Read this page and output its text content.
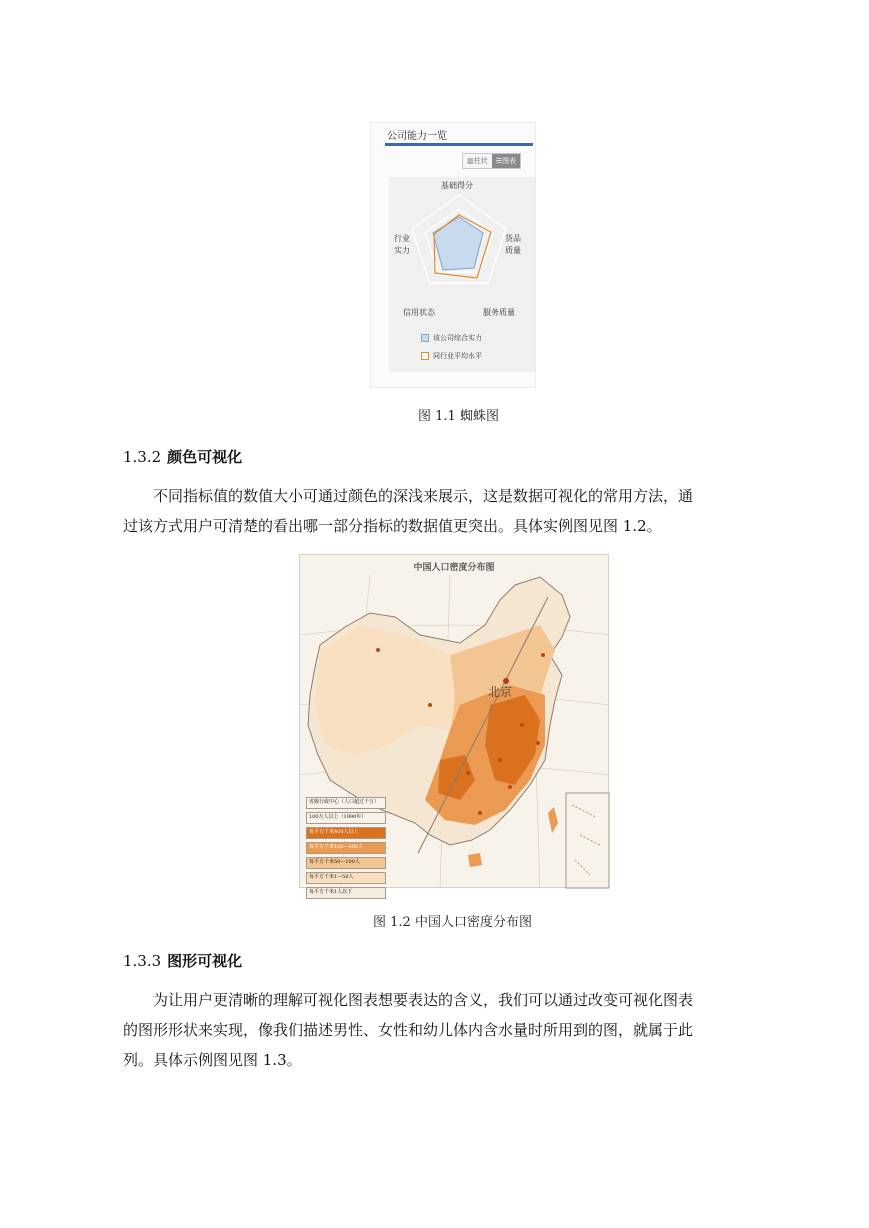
公司能力一览
▥柱状	☰图表
基础得分
货品质量
服务质量
信用状态
行业实力
该公司综合实力
同行业平均水平
图 1.1 蜘蛛图
1.3.2 颜色可视化
不同指标值的数值大小可通过颜色的深浅来展示，这是数据可视化的常用方法，通
过该方式用户可清楚的看出哪一部分指标的数据值更突出。具体实例图见图 1.2。
中国人口密度分布图
北京
省级行政中心（人口超过千万）
100万人以上（1990年）
每平方千米400人以上
每平方千米100—400人
每平方千米50—100人
每平方千米1—50人
每平方千米1人以下
图 1.2 中国人口密度分布图
1.3.3 图形可视化
为让用户更清晰的理解可视化图表想要表达的含义，我们可以通过改变可视化图表
的图形形状来实现，像我们描述男性、女性和幼儿体内含水量时所用到的图，就属于此
列。具体示例图见图 1.3。
